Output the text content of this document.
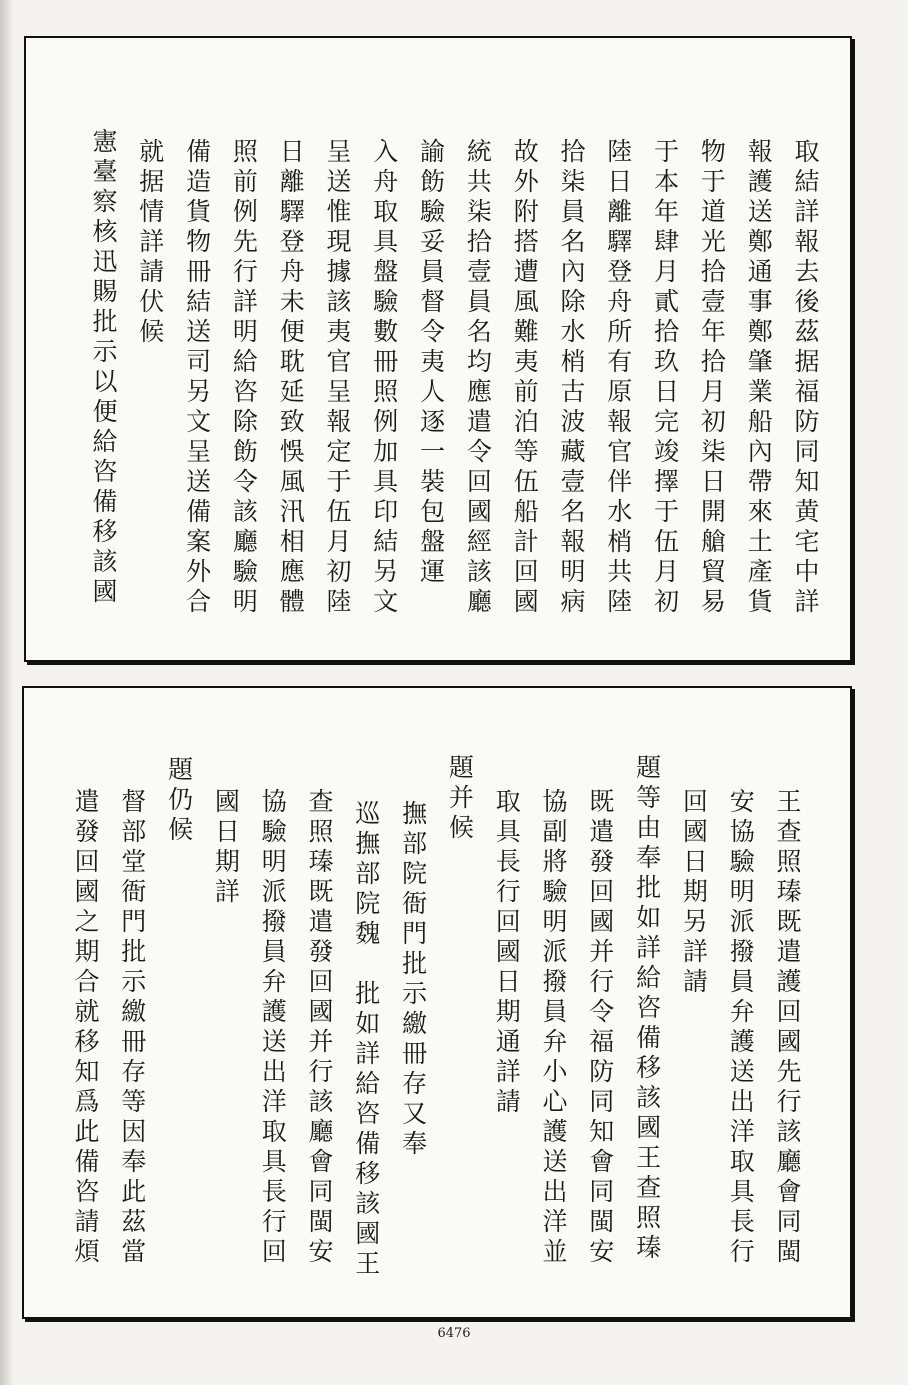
取結詳報去後茲据福防同知黄宅中詳
報護送鄭通事鄭肇業船內帶來土產貨
物于道光拾壹年拾月初柒日開艙貿易
于本年肆月貳拾玖日完竣擇于伍月初
陸日離驛登舟所有原報官伴水梢共陸
拾柒員名內除水梢古波藏壹名報明病
故外附搭遭風難夷前泊等伍船計回國
統共柒拾壹員名均應遣令回國經該廳
諭飭驗妥員督令夷人逐一裝包盤運
入舟取具盤驗數冊照例加具印結另文
呈送惟現據該夷官呈報定于伍月初陸
日離驛登舟未便耽延致悞風汛相應體
照前例先行詳明給咨除飭令該廳驗明
備造貨物冊結送司另文呈送備案外合
就据情詳請伏候
憲臺察核迅賜批示以便給咨備移該國
王查照瑧既遣護回國先行該廳會同閩
安協驗明派撥員弁護送出洋取具長行
回國日期另詳請
題等由奉批如詳給咨備移該國王查照瑧
既遣發回國并行令福防同知會同閩安
協副將驗明派撥員弁小心護送出洋並
取具長行回國日期通詳請
題并候
撫部院衙門批示繳冊存又奉
巡撫部院魏　批如詳給咨備移該國王
查照瑧既遣發回國并行該廳會同閩安
協驗明派撥員弁護送出洋取具長行回
國日期詳
題仍候
督部堂衙門批示繳冊存等因奉此茲當
遣發回國之期合就移知爲此備咨請煩
6476
